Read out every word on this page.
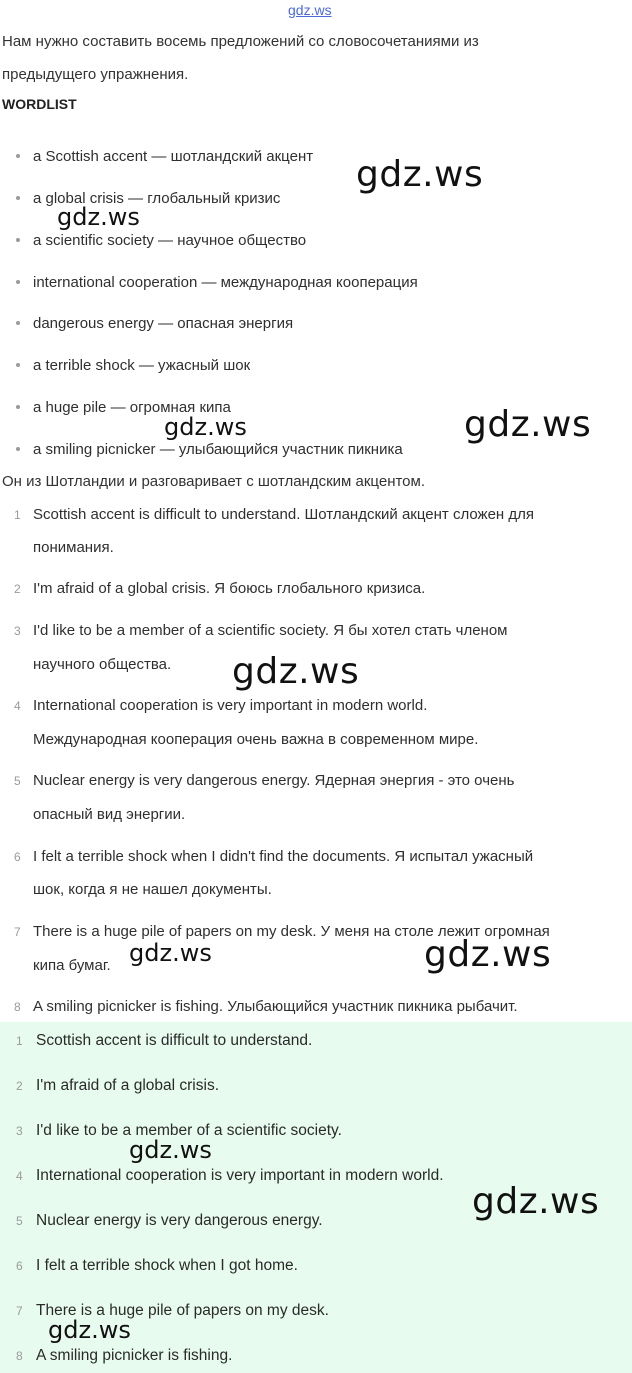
gdz.ws
Нам нужно составить восемь предложений со словосочетаниями из
предыдущего упражнения.
WORDLIST
a Scottish accent — шотландский акцент
a global crisis — глобальный кризис
a scientific society — научное общество
international cooperation — международная кооперация
dangerous energy — опасная энергия
a terrible shock — ужасный шок
a huge pile — огромная кипа
a smiling picnicker — улыбающийся участник пикника
Он из Шотландии и разговаривает с шотландским акцентом.
1 Scottish accent is difficult to understand. Шотландский акцент сложен для
понимания.
2 I'm afraid of a global crisis. Я боюсь глобального кризиса.
3 I'd like to be a member of a scientific society. Я бы хотел стать членом
научного общества.
4 International cooperation is very important in modern world.
Международная кооперация очень важна в современном мире.
5 Nuclear energy is very dangerous energy. Ядерная энергия - это очень
опасный вид энергии.
6 I felt a terrible shock when I didn't find the documents. Я испытал ужасный
шок, когда я не нашел документы.
7 There is a huge pile of papers on my desk. У меня на столе лежит огромная
кипа бумаг.
8 A smiling picnicker is fishing. Улыбающийся участник пикника рыбачит.
1 Scottish accent is difficult to understand.
2 I'm afraid of a global crisis.
3 I'd like to be a member of a scientific society.
4 International cooperation is very important in modern world.
5 Nuclear energy is very dangerous energy.
6 I felt a terrible shock when I got home.
7 There is a huge pile of papers on my desk.
8 A smiling picnicker is fishing.
gdz.ws
gdz.ws
gdz.ws
gdz.ws
gdz.ws
gdz.ws	gdz.ws
gdz.ws
gdz.ws
gdz.ws
